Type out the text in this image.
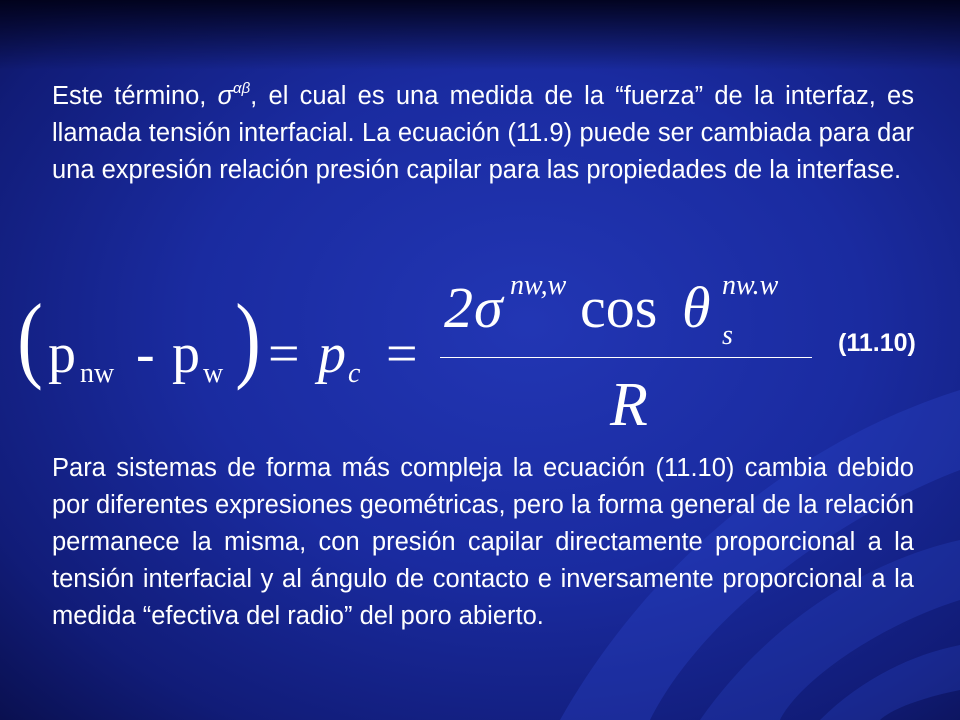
Este término, $\sigma^{\alpha\beta}$, el cual es una medida de la “fuerza” de la interfaz, es llamada tensión interfacial. La ecuación (11.9) puede ser cambiada para dar una expresión relación presión capilar para las propiedades de la interfase.
( p nw - p w ) = p c =
2 σ nw,w cos θ nw.w
s
R
(11.10)
Para sistemas de forma más compleja la ecuación (11.10) cambia debido por diferentes expresiones geométricas, pero la forma general de la relación permanece la misma, con presión capilar directamente proporcional a la tensión interfacial y al ángulo de contacto e inversamente proporcional a la medida “efectiva del radio” del poro abierto.
